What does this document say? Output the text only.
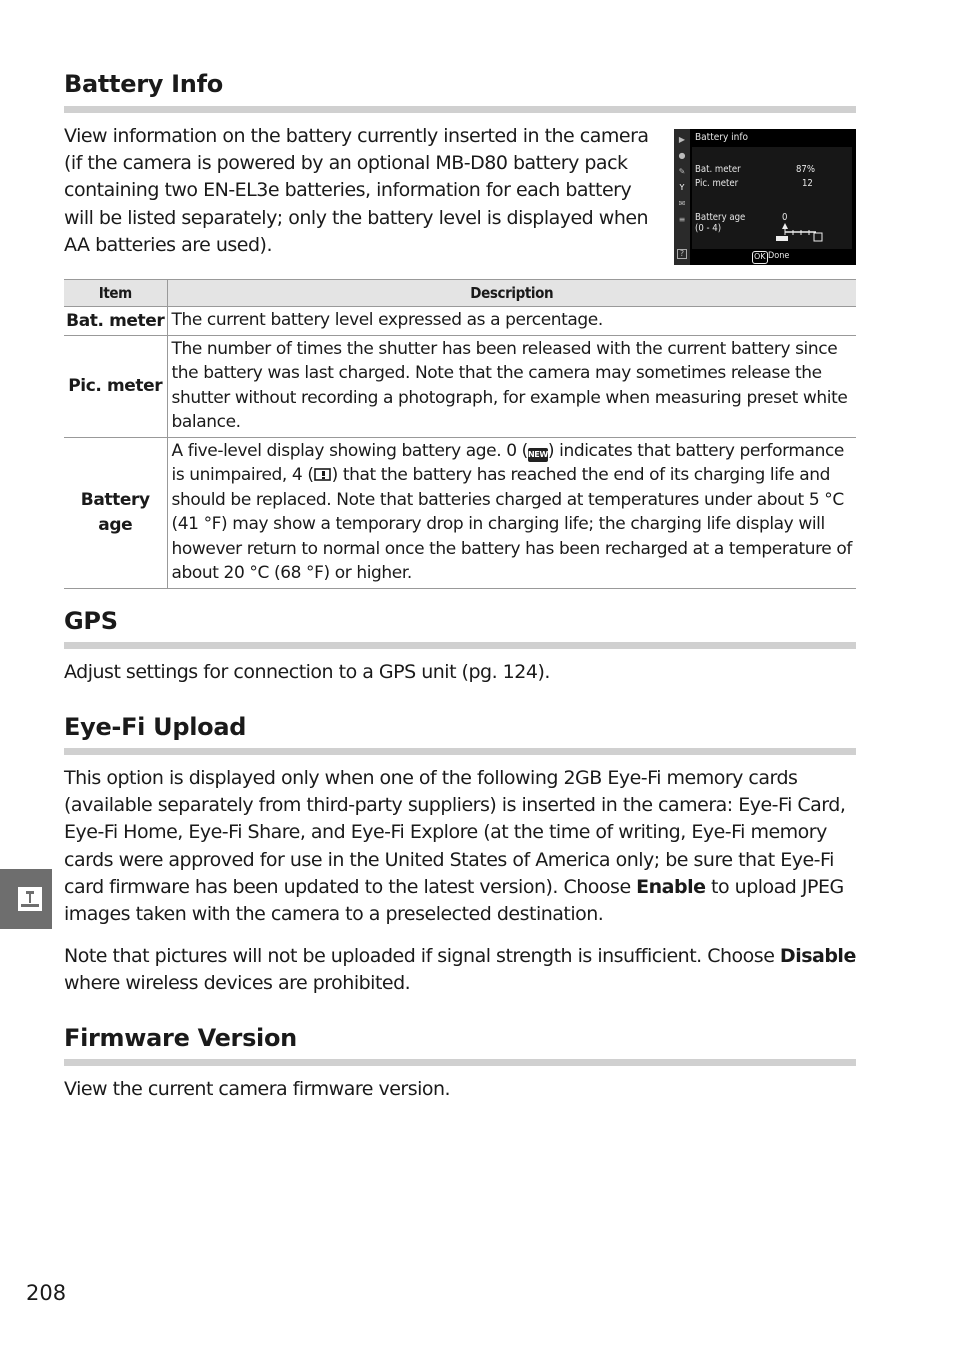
Battery Info

View information on the battery currently inserted in the camera (if the camera is powered by an optional MB-D80 battery pack containing two EN-EL3e batteries, information for each battery will be listed separately; only the battery level is displayed when AA batteries are used).

▶
●
✎
Y
✉
≡
?
Battery info
Bat. meter	87%
Pic. meter	12
Battery age
(0 - 4)
0
OK Done
Item	Description
Bat. meter	The current battery level expressed as a percentage.
Pic. meter	The number of times the shutter has been released with the current battery since the battery was last charged. Note that the camera may sometimes release the shutter without recording a photograph, for example when measuring preset white balance.
Battery age	A five-level display showing battery age. 0 (NEW) indicates that battery performance is unimpaired, 4 ( ) that the battery has reached the end of its charging life and should be replaced. Note that batteries charged at temperatures under about 5 °C (41 °F) may show a temporary drop in charging life; the charging life display will however return to normal once the battery has been recharged at a temperature of about 20 °C (68 °F) or higher.
GPS

Adjust settings for connection to a GPS unit (pg. 124).

Eye-Fi Upload

This option is displayed only when one of the following 2GB Eye-Fi memory cards (available separately from third-party suppliers) is inserted in the camera: Eye-Fi Card, Eye-Fi Home, Eye-Fi Share, and Eye-Fi Explore (at the time of writing, Eye-Fi memory cards were approved for use in the United States of America only; be sure that Eye-Fi card firmware has been updated to the latest version). Choose Enable to upload JPEG images taken with the camera to a preselected destination.

Note that pictures will not be uploaded if signal strength is insufficient. Choose Disable where wireless devices are prohibited.

Firmware Version

View the current camera firmware version.

208
